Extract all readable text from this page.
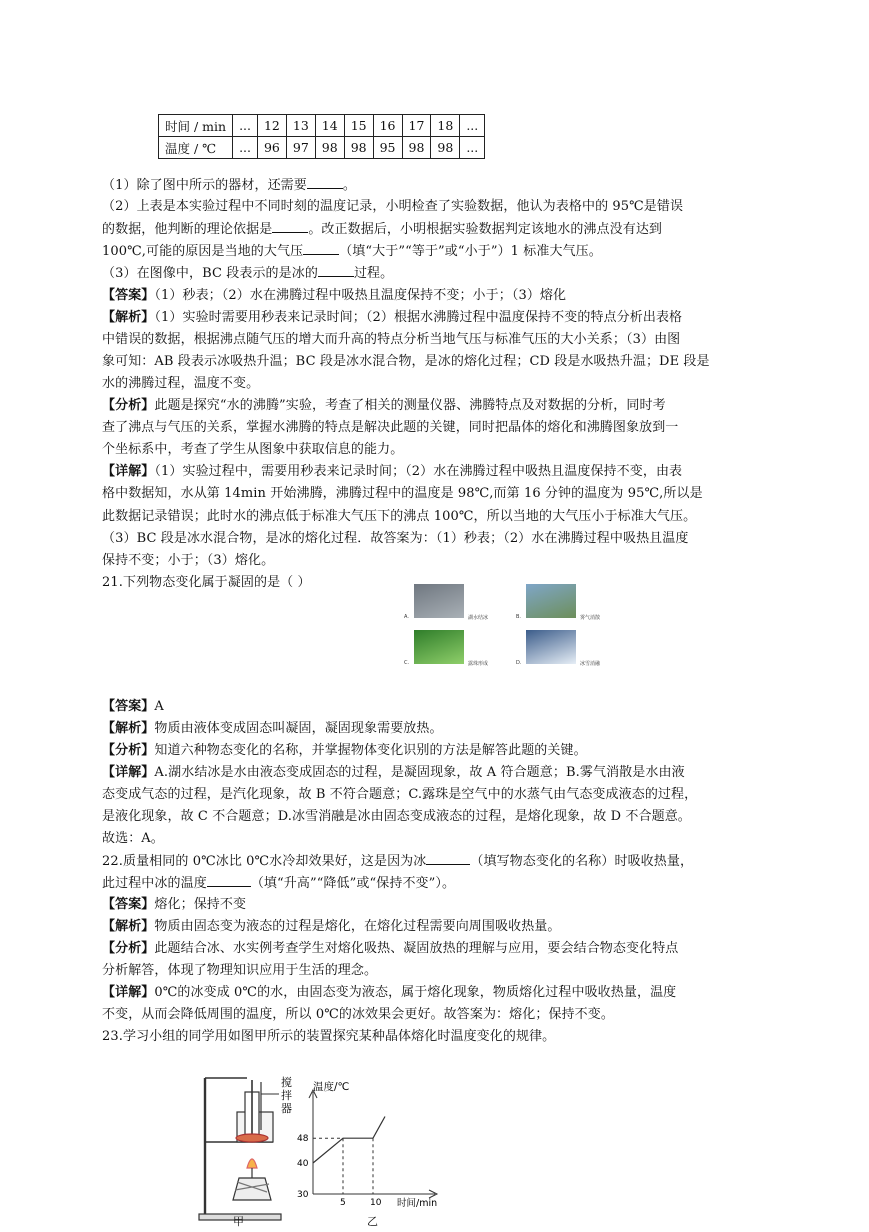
时间 / min	...	12	13	14	15	16	17	18	...
温度 / ℃	...	96	97	98	98	95	98	98	...
（1）除了图中所示的器材，还需要	。
（2）上表是本实验过程中不同时刻的温度记录，小明检查了实验数据，他认为表格中的 95℃是错误
的数据，他判断的理论依据是	。改正数据后，小明根据实验数据判定该地水的沸点没有达到
100℃,可能的原因是当地的大气压	（填“大于”“等于”或“小于”）1 标准大气压。
（3）在图像中，BC 段表示的是冰的	过程。
【答案】（1）秒表；（2）水在沸腾过程中吸热且温度保持不变；小于；（3）熔化
【解析】（1）实验时需要用秒表来记录时间；（2）根据水沸腾过程中温度保持不变的特点分析出表格
中错误的数据，根据沸点随气压的增大而升高的特点分析当地气压与标准气压的大小关系；（3）由图
象可知：AB 段表示冰吸热升温；BC 段是冰水混合物，是冰的熔化过程；CD 段是水吸热升温；DE 段是
水的沸腾过程，温度不变。
【分析】此题是探究“水的沸腾”实验，考查了相关的测量仪器、沸腾特点及对数据的分析，同时考
查了沸点与气压的关系，掌握水沸腾的特点是解决此题的关键，同时把晶体的熔化和沸腾图象放到一
个坐标系中，考查了学生从图象中获取信息的能力。
【详解】（1）实验过程中，需要用秒表来记录时间；（2）水在沸腾过程中吸热且温度保持不变，由表
格中数据知，水从第 14min 开始沸腾，沸腾过程中的温度是 98℃,而第 16 分钟的温度为 95℃,所以是
此数据记录错误；此时水的沸点低于标准大气压下的沸点 100℃，所以当地的大气压小于标准大气压。
（3）BC 段是冰水混合物，是冰的熔化过程．故答案为：（1）秒表；（2）水在沸腾过程中吸热且温度
保持不变；小于；（3）熔化。
21.下列物态变化属于凝固的是（ ）
A.	湖水结冰	B.	雾气消散
C.	露珠形成	D.	冰雪消融
【答案】A
【解析】物质由液体变成固态叫凝固，凝固现象需要放热。
【分析】知道六种物态变化的名称，并掌握物体变化识别的方法是解答此题的关键。
【详解】A.湖水结冰是水由液态变成固态的过程，是凝固现象，故 A 符合题意；B.雾气消散是水由液
态变成气态的过程，是汽化现象，故 B 不符合题意；C.露珠是空气中的水蒸气由气态变成液态的过程，
是液化现象，故 C 不合题意；D.冰雪消融是冰由固态变成液态的过程，是熔化现象，故 D 不合题意。
故选：A。
22.质量相同的 0℃冰比 0℃水冷却效果好，这是因为冰	（填写物态变化的名称）时吸收热量，
此过程中冰的温度	（填“升高”“降低”或“保持不变”）。
【答案】熔化；保持不变
【解析】物质由固态变为液态的过程是熔化，在熔化过程需要向周围吸收热量。
【分析】此题结合冰、水实例考查学生对熔化吸热、凝固放热的理解与应用，要会结合物态变化特点
分析解答，体现了物理知识应用于生活的理念。
【详解】0℃的冰变成 0℃的水，由固态变为液态，属于熔化现象，物质熔化过程中吸收热量，温度
不变，从而会降低周围的温度，所以 0℃的冰效果会更好。故答案为：熔化；保持不变。
23.学习小组的同学用如图甲所示的装置探究某种晶体熔化时温度变化的规律。
搅
拌
器
30
40
48
5	10
温度/℃
时间/min
甲	乙
